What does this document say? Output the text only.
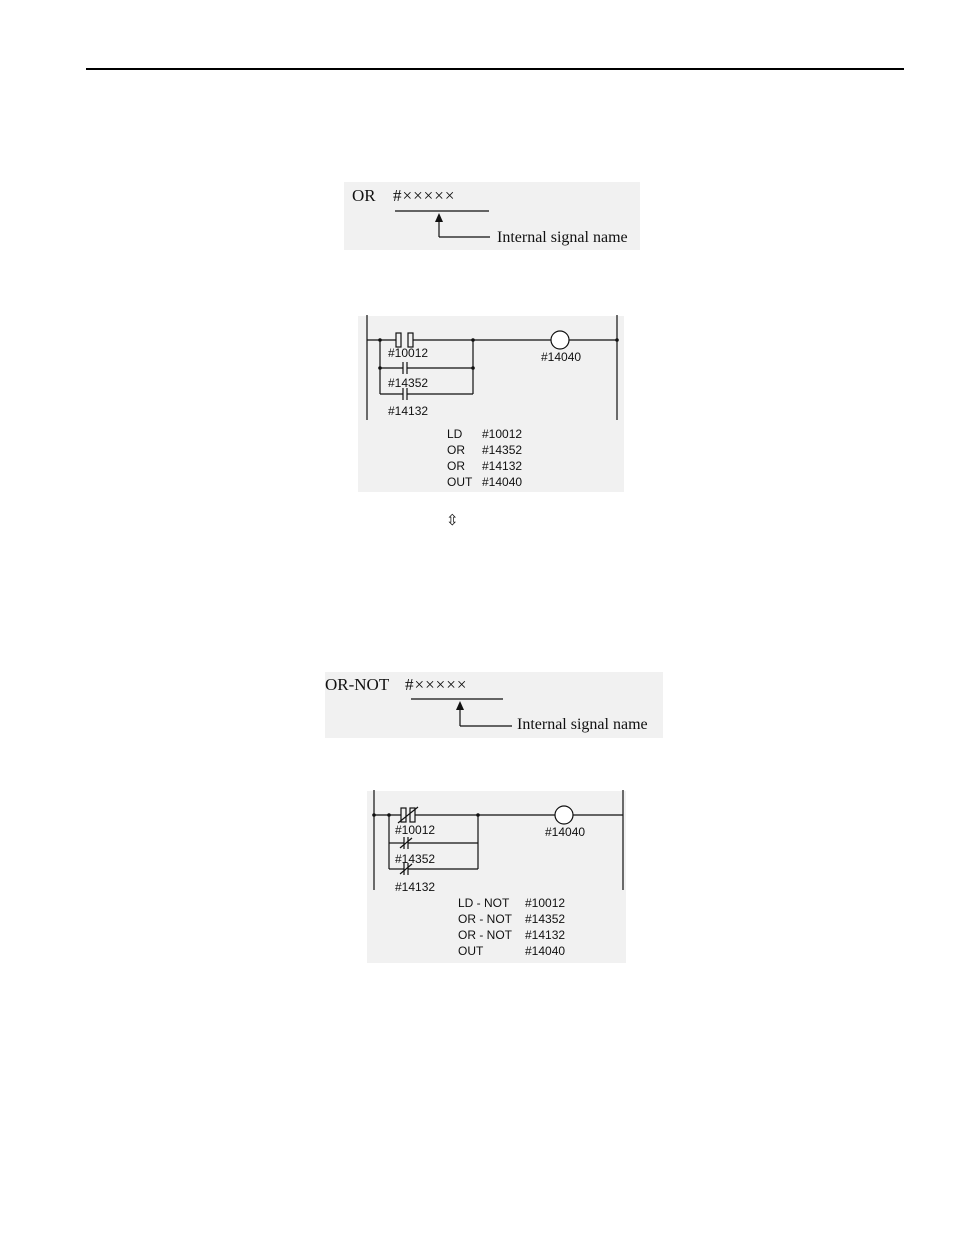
OR #×××××
Internal signal name
#10012
#14352
#14132
#14040
LD #10012
OR #14352
OR #14132
OUT #14040
⇳
OR-NOT #×××××
Internal signal name
#10012
#14352
#14132
#14040
LD - NOT #10012
OR - NOT #14352
OR - NOT #14132
OUT	#14040
